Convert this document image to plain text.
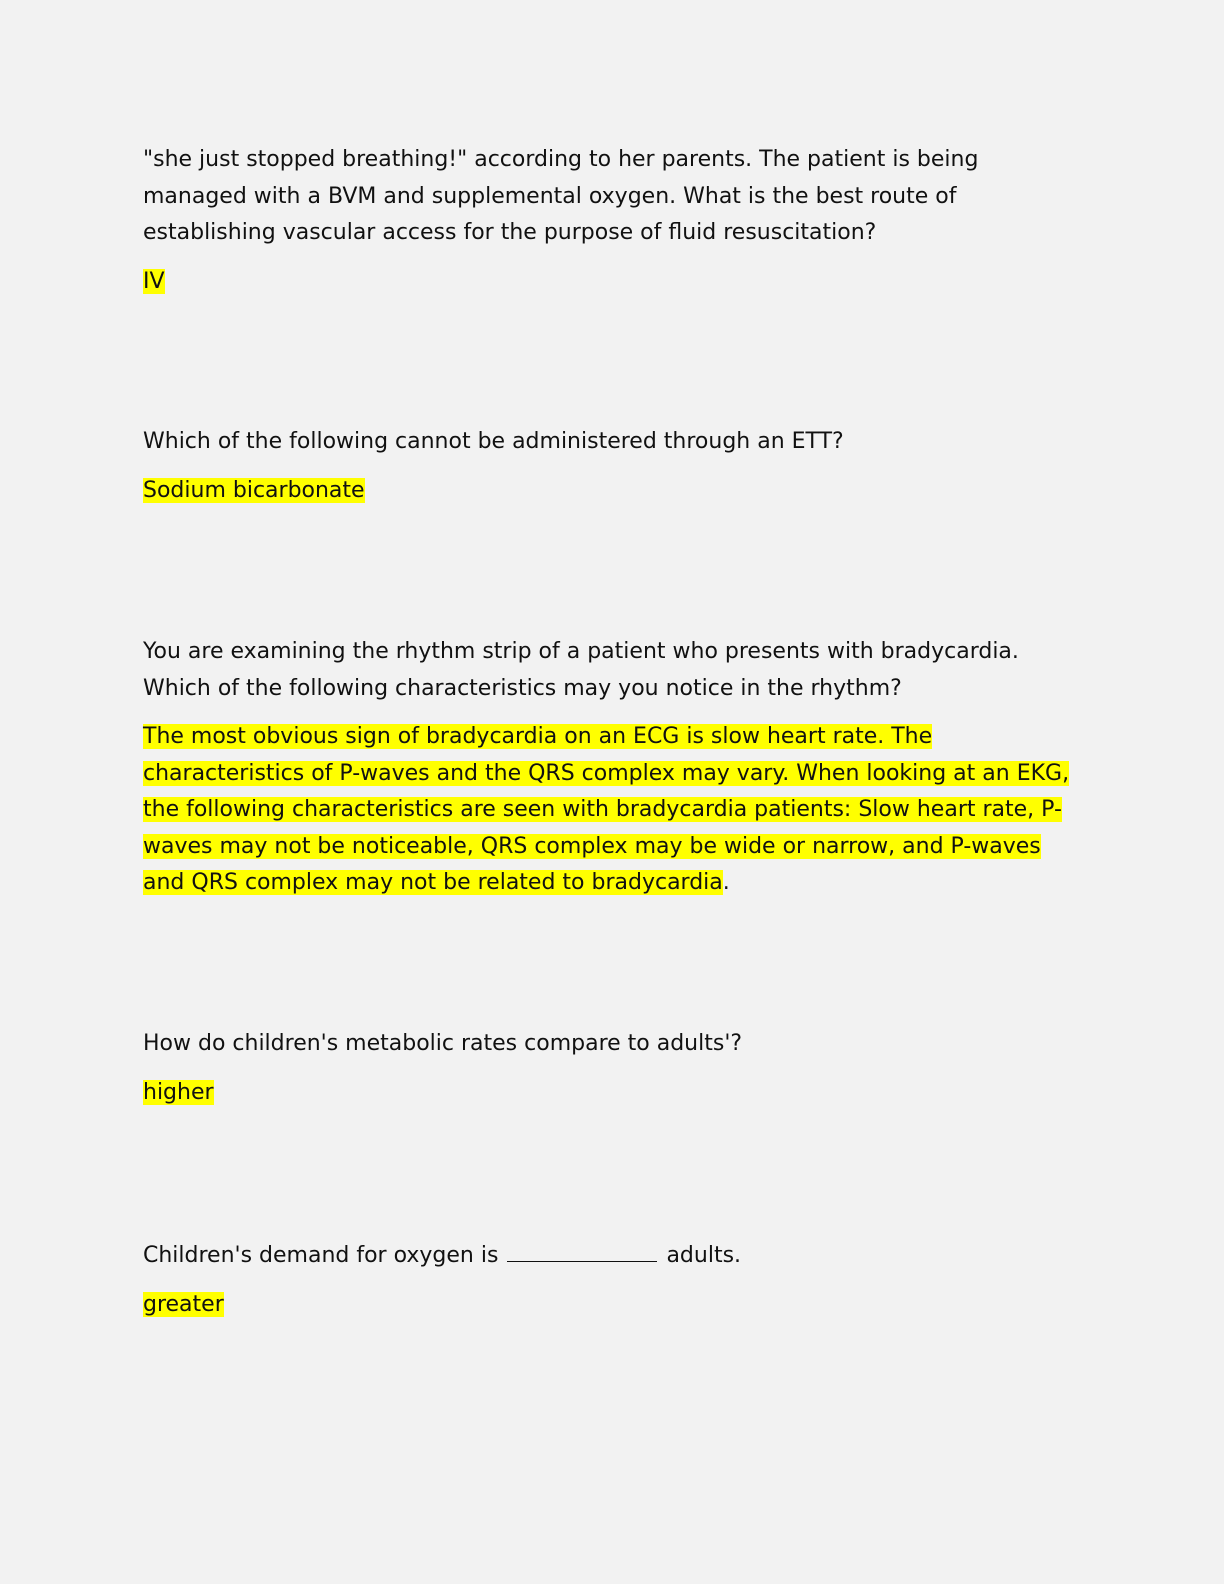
"she just stopped breathing!" according to her parents. The patient is being managed with a BVM and supplemental oxygen. What is the best route of establishing vascular access for the purpose of fluid resuscitation?

IV

Which of the following cannot be administered through an ETT?

Sodium bicarbonate

You are examining the rhythm strip of a patient who presents with bradycardia. Which of the following characteristics may you notice in the rhythm?

The most obvious sign of bradycardia on an ECG is slow heart rate. The characteristics of P-waves and the QRS complex may vary. When looking at an EKG, the following characteristics are seen with bradycardia patients: Slow heart rate, P-waves may not be noticeable, QRS complex may be wide or narrow, and P-waves and QRS complex may not be related to bradycardia.

How do children's metabolic rates compare to adults'?

higher

Children's demand for oxygen is	adults.

greater
